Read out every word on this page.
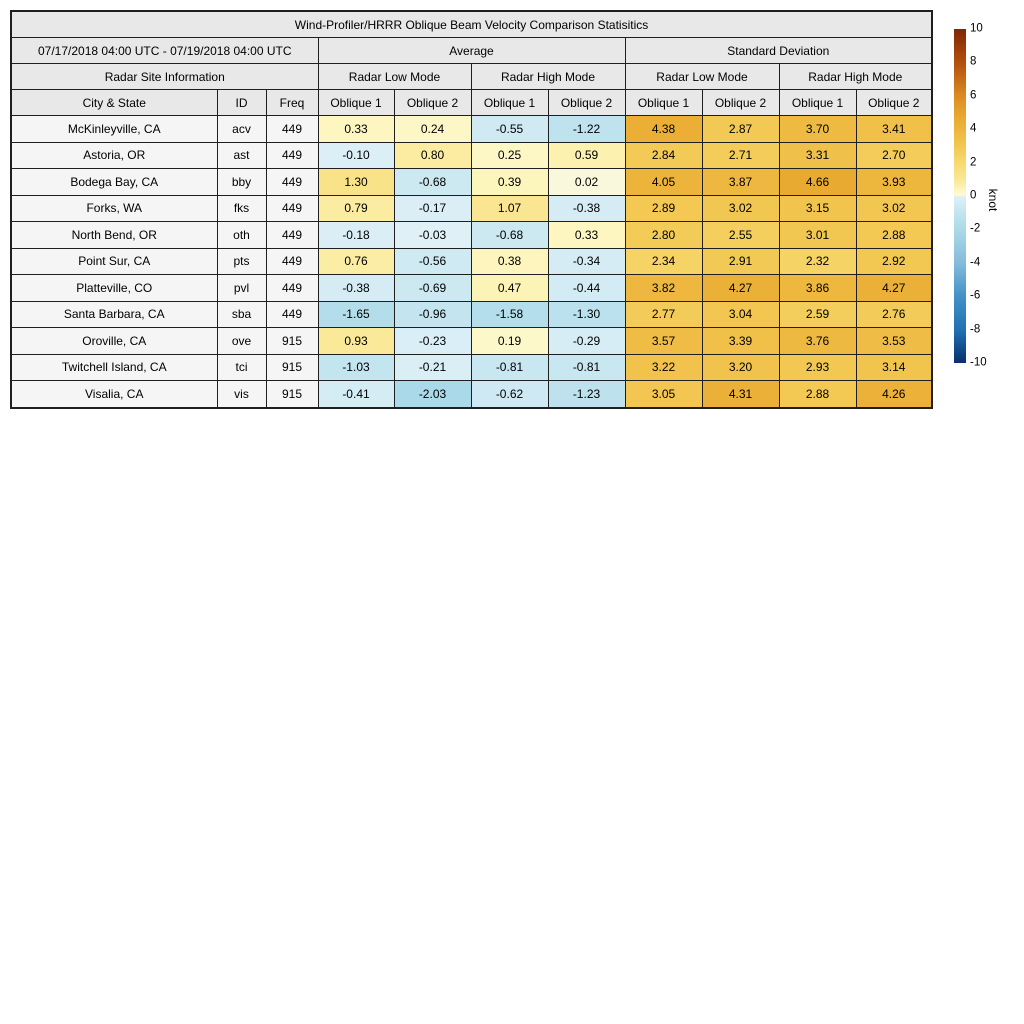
Wind-Profiler/HRRR Oblique Beam Velocity Comparison Statisitics										
07/17/2018 04:00 UTC - 07/19/2018 04:00 UTC			Average				Standard Deviation			
Radar Site Information			Radar Low Mode		Radar High Mode		Radar Low Mode		Radar High Mode	
City & State	ID	Freq	Oblique 1	Oblique 2	Oblique 1	Oblique 2	Oblique 1	Oblique 2	Oblique 1	Oblique 2
McKinleyville, CA	acv	449	0.33	0.24	-0.55	-1.22	4.38	2.87	3.70	3.41
Astoria, OR	ast	449	-0.10	0.80	0.25	0.59	2.84	2.71	3.31	2.70
Bodega Bay, CA	bby	449	1.30	-0.68	0.39	0.02	4.05	3.87	4.66	3.93
Forks, WA	fks	449	0.79	-0.17	1.07	-0.38	2.89	3.02	3.15	3.02
North Bend, OR	oth	449	-0.18	-0.03	-0.68	0.33	2.80	2.55	3.01	2.88
Point Sur, CA	pts	449	0.76	-0.56	0.38	-0.34	2.34	2.91	2.32	2.92
Platteville, CO	pvl	449	-0.38	-0.69	0.47	-0.44	3.82	4.27	3.86	4.27
Santa Barbara, CA	sba	449	-1.65	-0.96	-1.58	-1.30	2.77	3.04	2.59	2.76
Oroville, CA	ove	915	0.93	-0.23	0.19	-0.29	3.57	3.39	3.76	3.53
Twitchell Island, CA	tci	915	-1.03	-0.21	-0.81	-0.81	3.22	3.20	2.93	3.14
Visalia, CA	vis	915	-0.41	-2.03	-0.62	-1.23	3.05	4.31	2.88	4.26
10
8
6
4
2
0
-2
-4
-6
-8
-10
knot
